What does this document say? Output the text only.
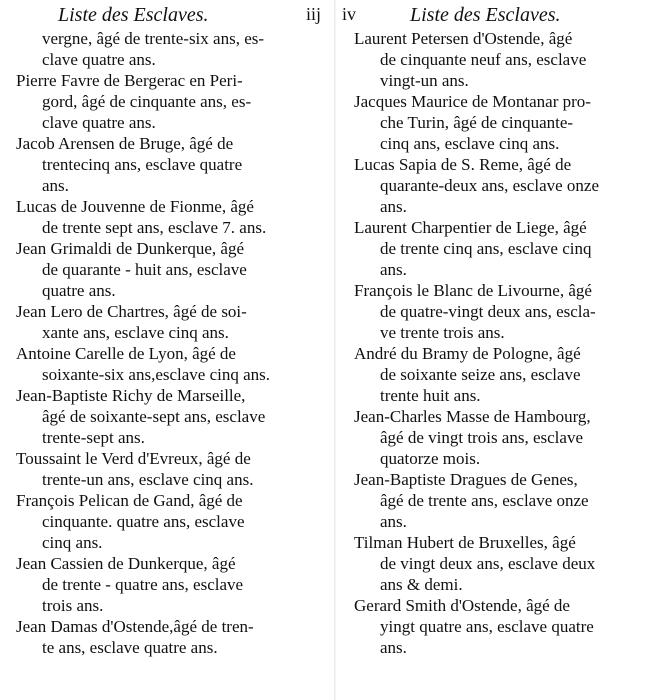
Liste des Esclaves.	iij
vergne, âgé de trente-six ans, es-
clave quatre ans.
Pierre Favre de Bergerac en Peri-
gord, âgé de cinquante ans, es-
clave quatre ans.
Jacob Arensen de Bruge, âgé de
trentecinq ans, esclave quatre
ans.
Lucas de Jouvenne de Fionme, âgé
de trente sept ans, esclave 7. ans.
Jean Grimaldi de Dunkerque, âgé
de quarante - huit ans, esclave
quatre ans.
Jean Lero de Chartres, âgé de soi-
xante ans, esclave cinq ans.
Antoine Carelle de Lyon, âgé de
soixante-six ans,esclave cinq ans.
Jean-Baptiste Richy de Marseille,
âgé de soixante-sept ans, esclave
trente-sept ans.
Toussaint le Verd d'Evreux, âgé de
trente-un ans, esclave cinq ans.
François Pelican de Gand, âgé de
cinquante. quatre ans, esclave
cinq ans.
Jean Cassien de Dunkerque, âgé
de trente - quatre ans, esclave
trois ans.
Jean Damas d'Ostende,âgé de tren-
te ans, esclave quatre ans.
iv	Liste des Esclaves.
Laurent Petersen d'Ostende, âgé
de cinquante neuf ans, esclave
vingt-un ans.
Jacques Maurice de Montanar pro-
che Turin, âgé de cinquante-
cinq ans, esclave cinq ans.
Lucas Sapia de S. Reme, âgé de
quarante-deux ans, esclave onze
ans.
Laurent Charpentier de Liege, âgé
de trente cinq ans, esclave cinq
ans.
François le Blanc de Livourne, âgé
de quatre-vingt deux ans, escla-
ve trente trois ans.
André du Bramy de Pologne, âgé
de soixante seize ans, esclave
trente huit ans.
Jean-Charles Masse de Hambourg,
âgé de vingt trois ans, esclave
quatorze mois.
Jean-Baptiste Dragues de Genes,
âgé de trente ans, esclave onze
ans.
Tilman Hubert de Bruxelles, âgé
de vingt deux ans, esclave deux
ans & demi.
Gerard Smith d'Ostende, âgé de
yingt quatre ans, esclave quatre
ans.
